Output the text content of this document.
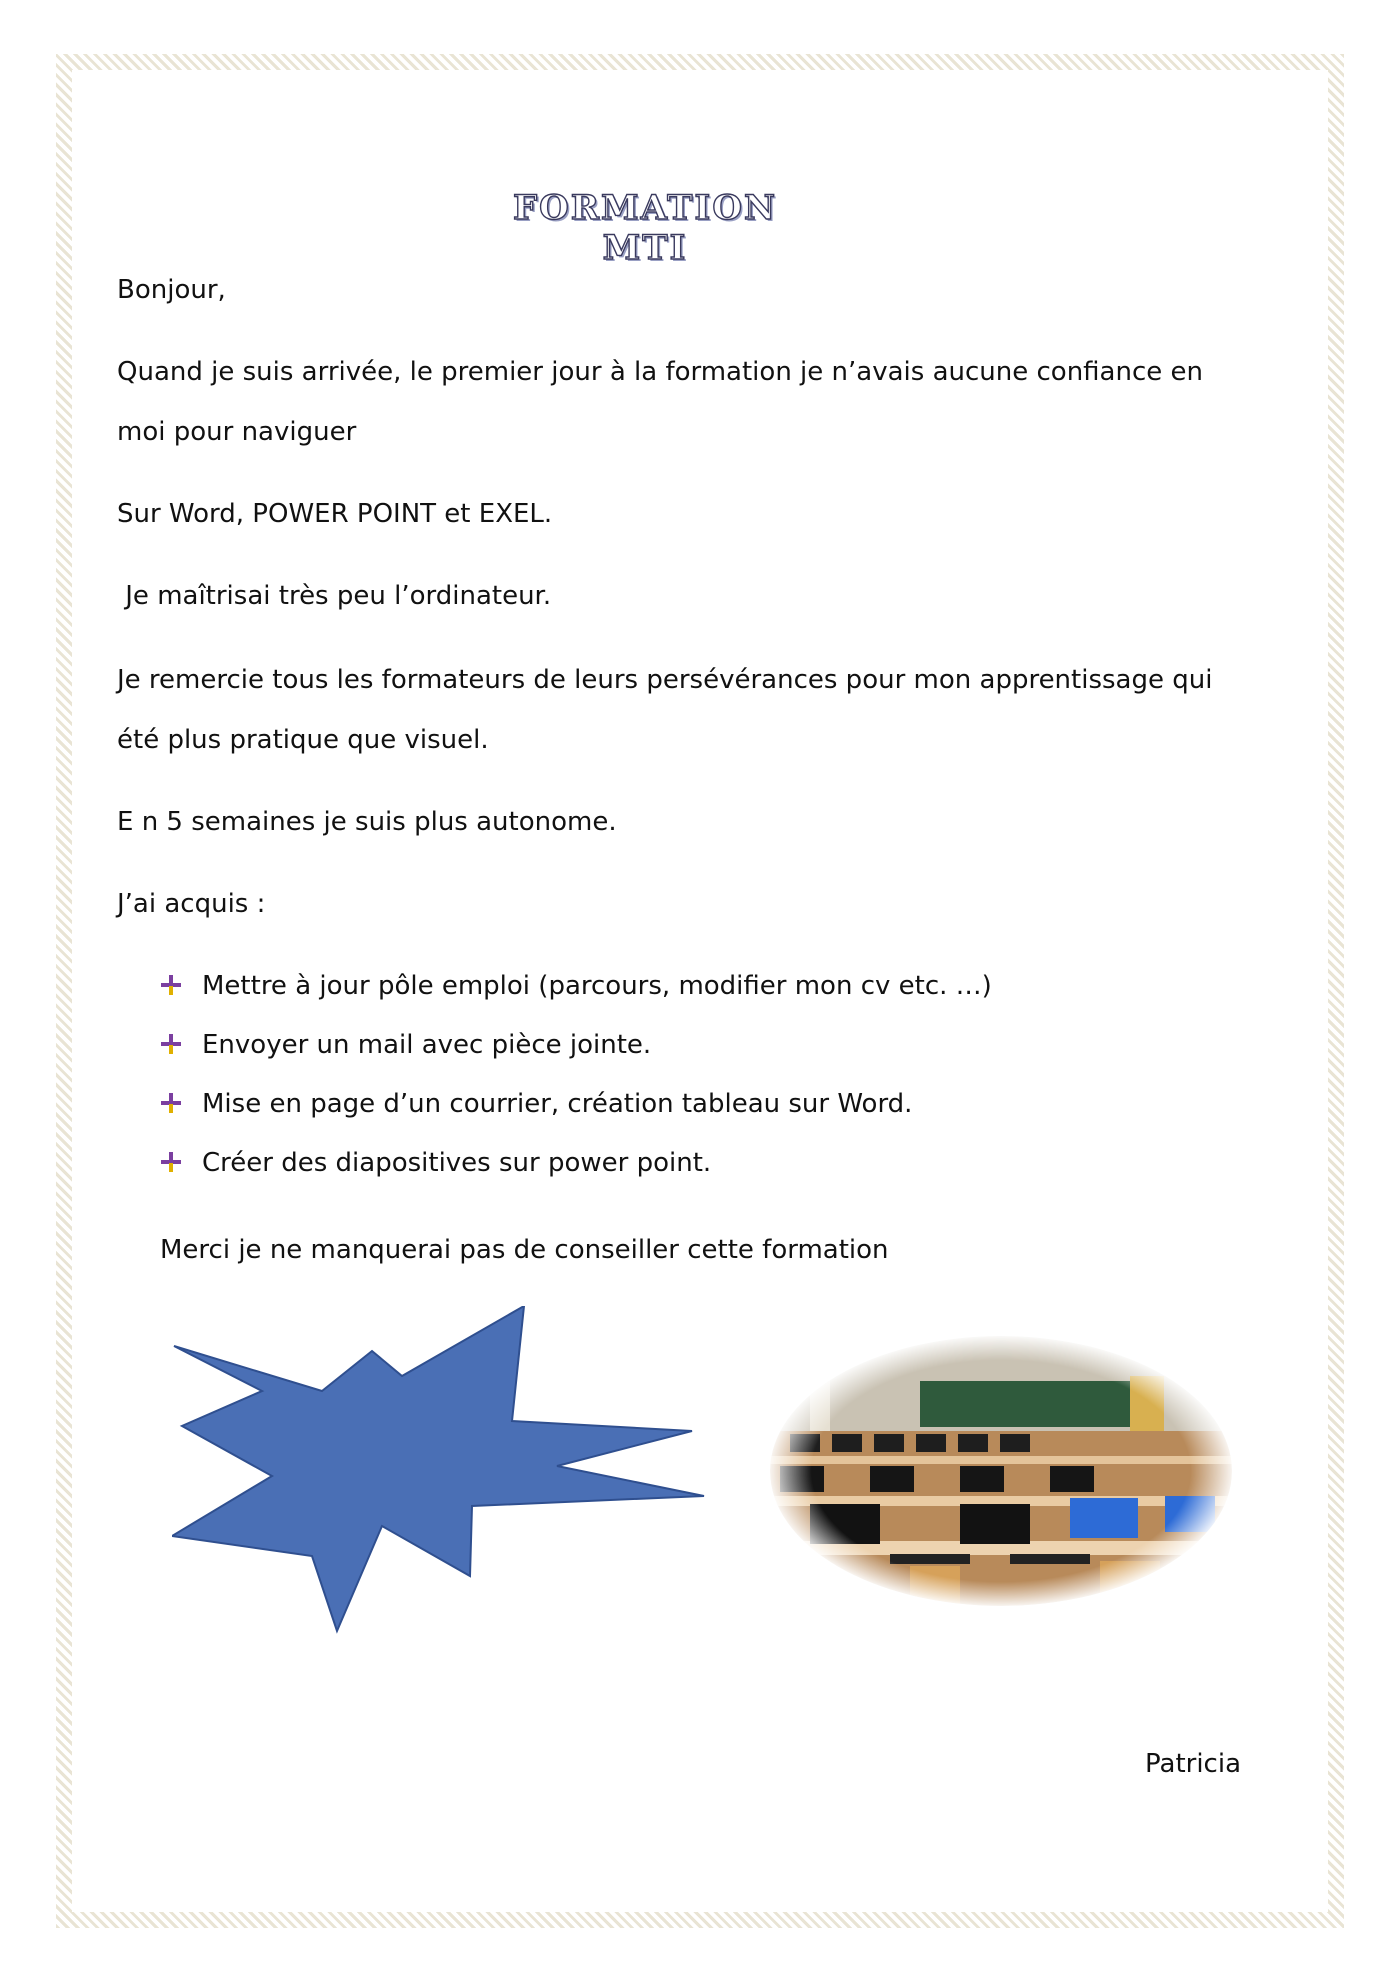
FORMATION MTI
Bonjour,
Quand je suis arrivée, le premier jour à la formation je n’avais aucune confiance en
moi pour naviguer
Sur Word, POWER POINT et EXEL.
Je maîtrisai très peu l’ordinateur.
Je remercie tous les formateurs de leurs persévérances pour mon apprentissage qui
été plus pratique que visuel.
E n 5 semaines je suis plus autonome.
J’ai acquis :
Mettre à jour pôle emploi (parcours, modifier mon cv etc. …)
Envoyer un mail avec pièce jointe.
Mise en page d’un courrier, création tableau sur Word.
Créer des diapositives sur power point.
Merci je ne manquerai pas de conseiller cette formation
Patricia
